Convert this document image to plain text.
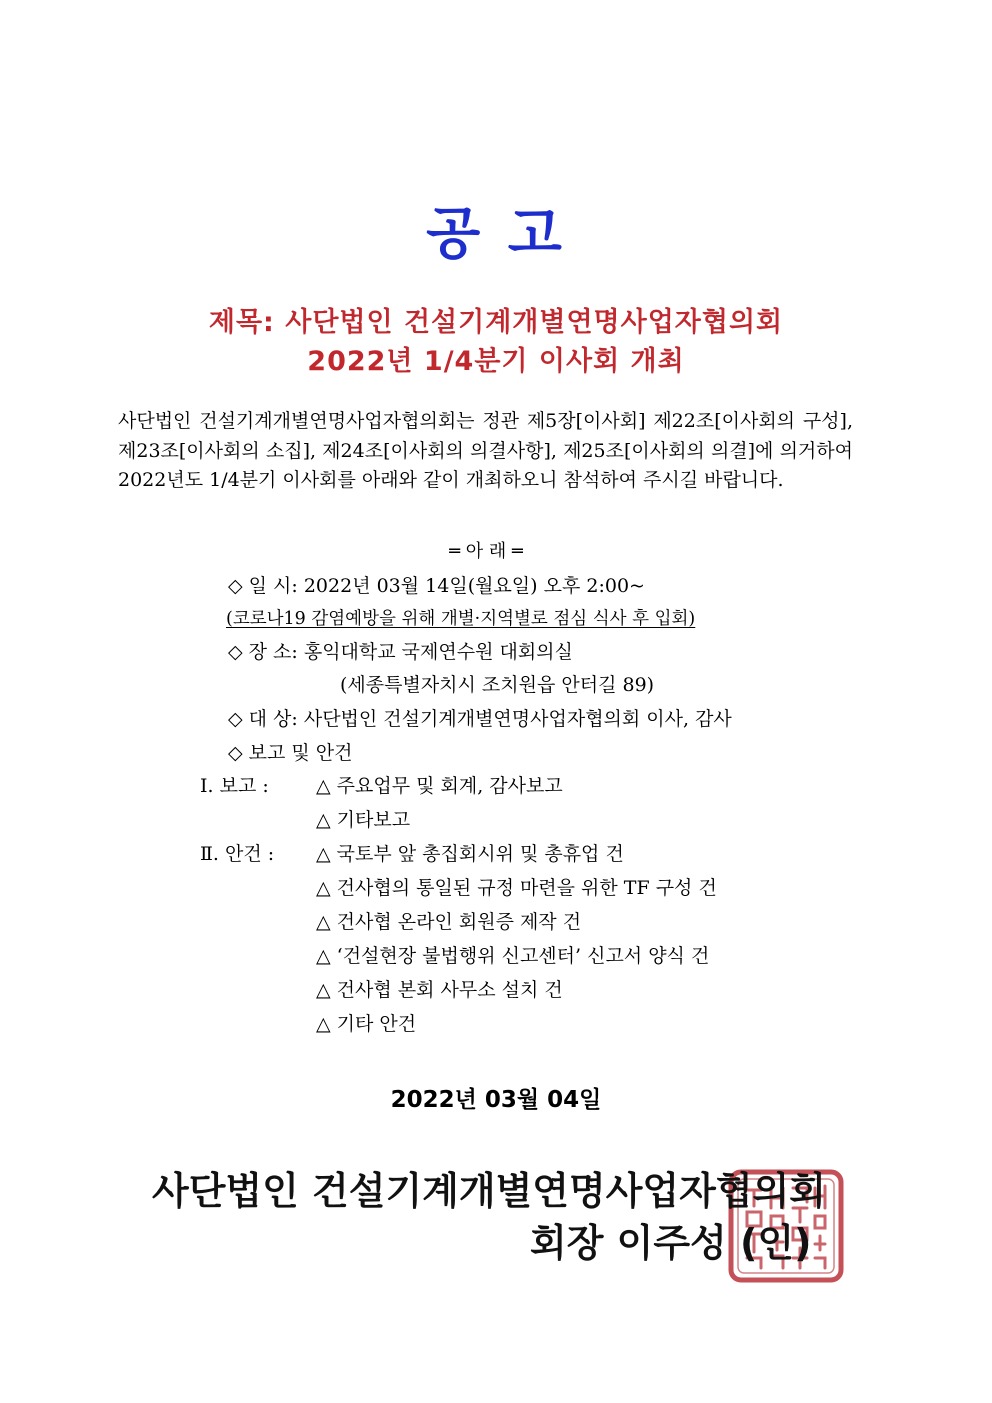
공 고
제목: 사단법인 건설기계개별연명사업자협의회
2022년 1/4분기 이사회 개최
사단법인 건설기계개별연명사업자협의회는 정관 제5장[이사회] 제22조[이사회의 구성], 제23조[이사회의 소집], 제24조[이사회의 의결사항], 제25조[이사회의 의결]에 의거하여 2022년도 1/4분기 이사회를 아래와 같이 개최하오니 참석하여 주시길 바랍니다.
═ 아 래 ═
◇ 일 시: 2022년 03월 14일(월요일) 오후 2:00~
(코로나19 감염예방을 위해 개별·지역별로 점심 식사 후 입회)
◇ 장 소: 홍익대학교 국제연수원 대회의실
(세종특별자치시 조치원읍 안터길 89)
◇ 대 상: 사단법인 건설기계개별연명사업자협의회 이사, 감사
◇ 보고 및 안건
Ⅰ. 보고 : △ 주요업무 및 회계, 감사보고
△ 기타보고
Ⅱ. 안건 : △ 국토부 앞 총집회시위 및 총휴업 건
△ 건사협의 통일된 규정 마련을 위한 TF 구성 건
△ 건사협 온라인 회원증 제작 건
△ ‘건설현장 불법행위 신고센터’ 신고서 양식 건
△ 건사협 본회 사무소 설치 건
△ 기타 안건
2022년 03월 04일
사단법인 건설기계개별연명사업자협의회
회장 이주성 (인)
